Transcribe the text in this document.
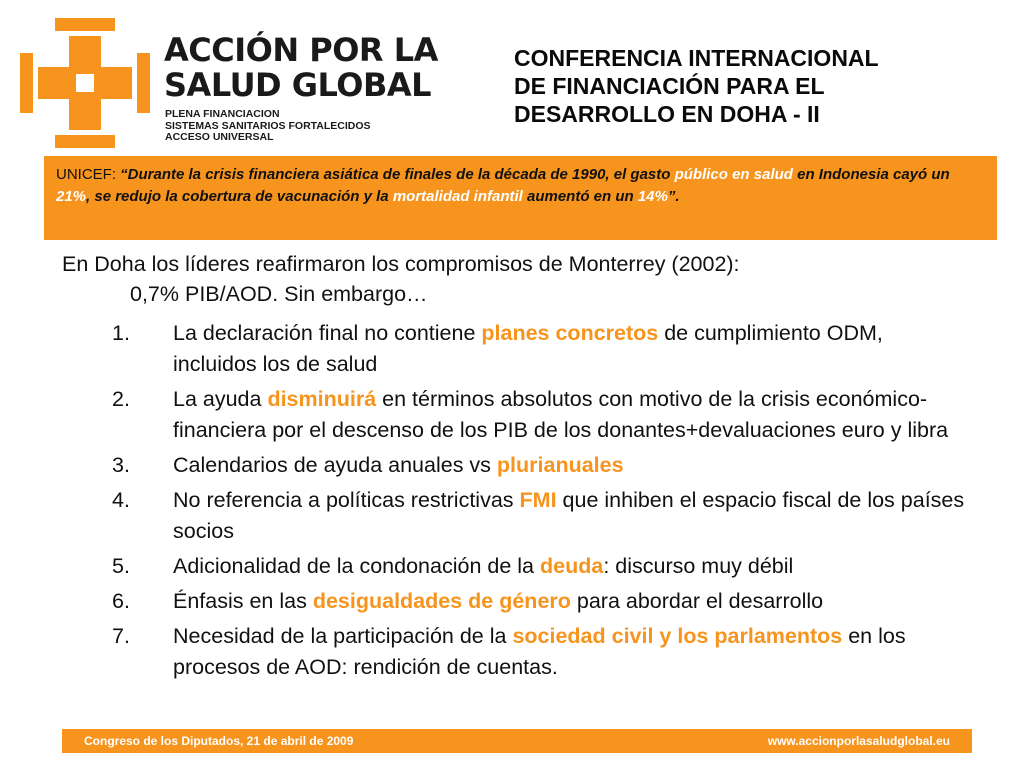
ACCIÓN POR LA
SALUD GLOBAL
PLENA FINANCIACION
SISTEMAS SANITARIOS FORTALECIDOS
ACCESO UNIVERSAL
CONFERENCIA INTERNACIONAL
DE FINANCIACIÓN PARA EL
DESARROLLO EN DOHA - II

UNICEF: “Durante la crisis financiera asiática de finales de la década de 1990, el gasto público en salud en Indonesia cayó un 21%, se redujo la cobertura de vacunación y la mortalidad infantil aumentó en un 14%”.

En Doha los líderes reafirmaron los compromisos de Monterrey (2002):
0,7% PIB/AOD. Sin embargo…
1. La declaración final no contiene planes concretos de cumplimiento ODM, incluidos los de salud
2. La ayuda disminuirá en términos absolutos con motivo de la crisis económico-financiera por el descenso de los PIB de los donantes+devaluaciones euro y libra
3. Calendarios de ayuda anuales vs plurianuales
4. No referencia a políticas restrictivas FMI que inhiben el espacio fiscal de los países socios
5. Adicionalidad de la condonación de la deuda: discurso muy débil
6. Énfasis en las desigualdades de género para abordar el desarrollo
7. Necesidad de la participación de la sociedad civil y los parlamentos en los procesos de AOD: rendición de cuentas.
Congreso de los Diputados, 21 de abril de 2009	www.accionporlasaludglobal.eu
